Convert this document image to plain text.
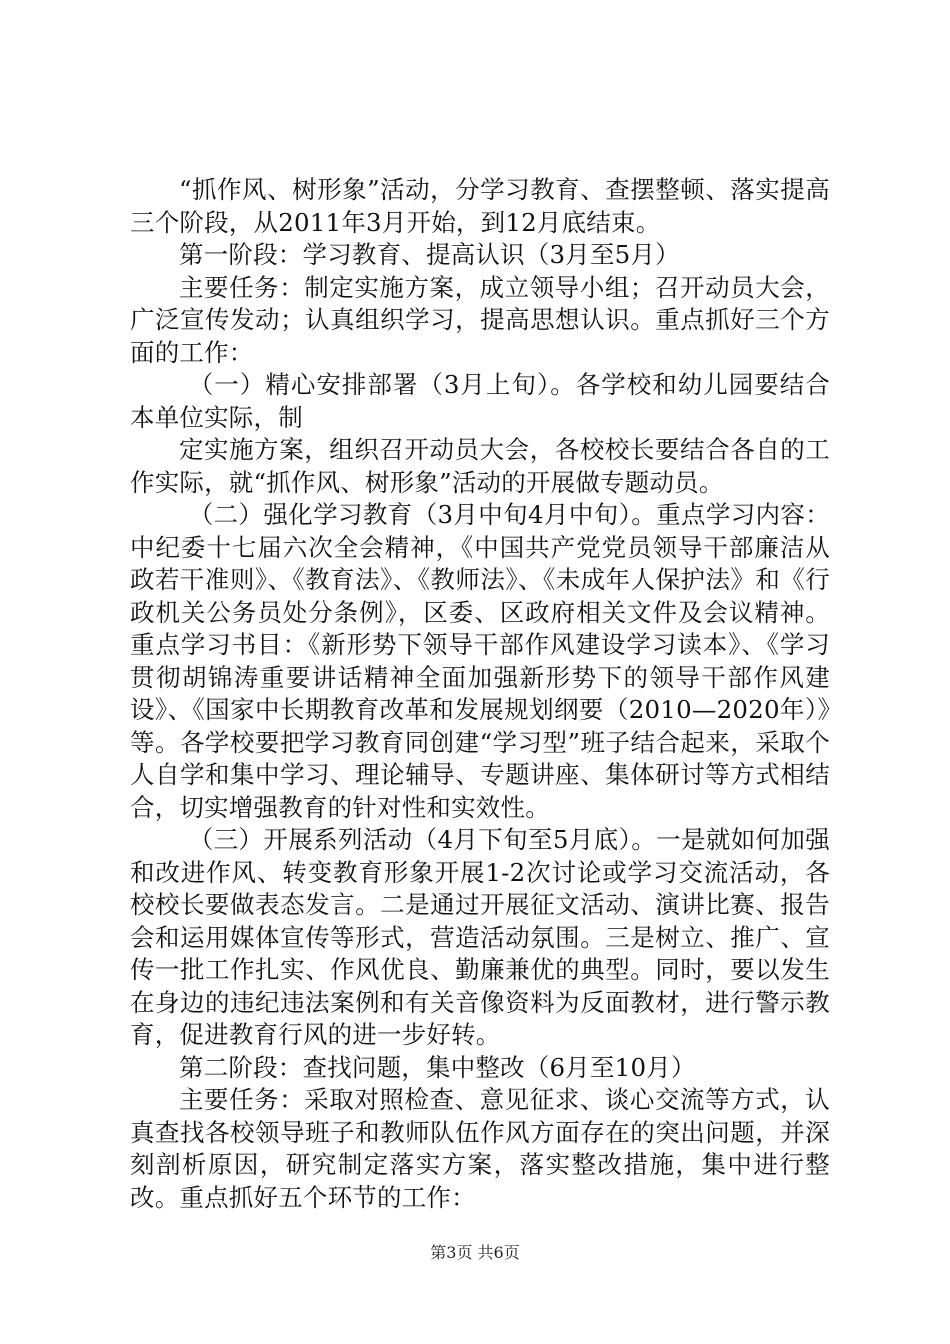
“抓作风、树形象”活动，分学习教育、查摆整顿、落实提高三个阶段，从2011年3月开始，到12月底结束。

第一阶段：学习教育、提高认识（3月至5月）

主要任务：制定实施方案，成立领导小组；召开动员大会，广泛宣传发动；认真组织学习，提高思想认识。重点抓好三个方面的工作：

（一）精心安排部署（3月上旬）。各学校和幼儿园要结合本单位实际，制

定实施方案，组织召开动员大会，各校校长要结合各自的工作实际，就“抓作风、树形象”活动的开展做专题动员。

（二）强化学习教育（3月中旬4月中旬）。重点学习内容：中纪委十七届六次全会精神，《中国共产党党员领导干部廉洁从政若干准则》、《教育法》、《教师法》、《未成年人保护法》和《行政机关公务员处分条例》，区委、区政府相关文件及会议精神。重点学习书目：《新形势下领导干部作风建设学习读本》、《学习贯彻胡锦涛重要讲话精神全面加强新形势下的领导干部作风建设》、《国家中长期教育改革和发展规划纲要（2010—2020年）》等。各学校要把学习教育同创建“学习型”班子结合起来，采取个人自学和集中学习、理论辅导、专题讲座、集体研讨等方式相结合，切实增强教育的针对性和实效性。

（三）开展系列活动（4月下旬至5月底）。一是就如何加强和改进作风、转变教育形象开展1-2次讨论或学习交流活动，各校校长要做表态发言。二是通过开展征文活动、演讲比赛、报告会和运用媒体宣传等形式，营造活动氛围。三是树立、推广、宣传一批工作扎实、作风优良、勤廉兼优的典型。同时，要以发生在身边的违纪违法案例和有关音像资料为反面教材，进行警示教育，促进教育行风的进一步好转。

第二阶段：查找问题，集中整改（6月至10月）

主要任务：采取对照检查、意见征求、谈心交流等方式，认真查找各校领导班子和教师队伍作风方面存在的突出问题，并深刻剖析原因，研究制定落实方案，落实整改措施，集中进行整改。重点抓好五个环节的工作：

第3页 共6页
